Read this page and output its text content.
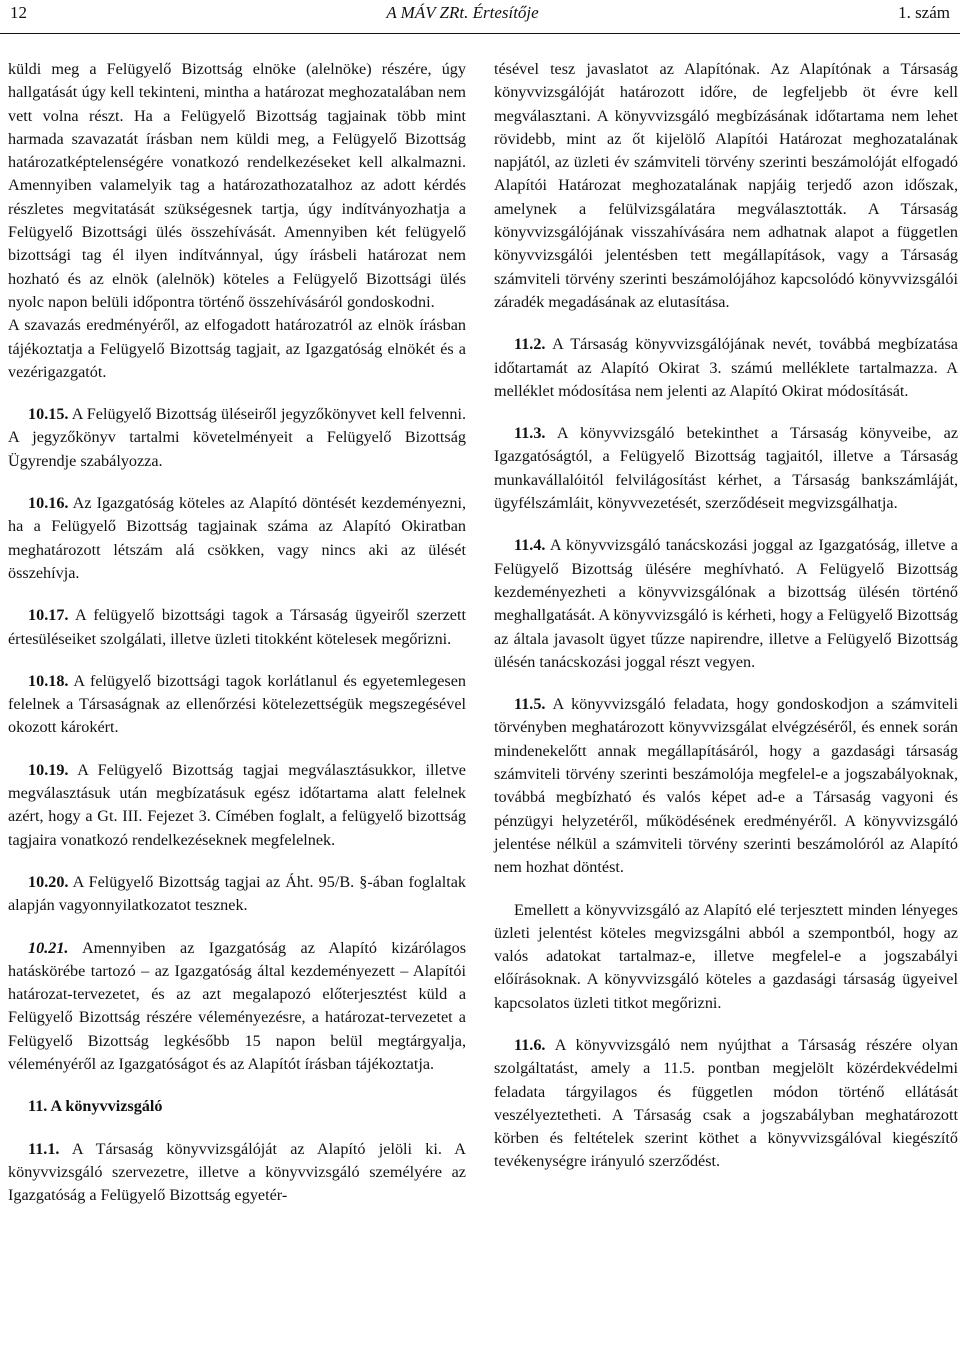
12	A MÁV ZRt. Értesítője	1. szám

küldi meg a Felügyelő Bizottság elnöke (alelnöke) részére, úgy hallgatását úgy kell tekinteni, mintha a határozat meghozatalában nem vett volna részt. Ha a Felügyelő Bizottság tagjainak több mint harmada szavazatát írásban nem küldi meg, a Felügyelő Bizottság határozatképtelenségére vonatkozó rendelkezéseket kell alkalmazni. Amennyiben valamelyik tag a határozathozatalhoz az adott kérdés részletes megvitatását szükségesnek tartja, úgy indítványozhatja a Felügyelő Bizottsági ülés összehívását. Amennyiben két felügyelő bizottsági tag él ilyen indítvánnyal, úgy írásbeli határozat nem hozható és az elnök (alelnök) köteles a Felügyelő Bizottsági ülés nyolc napon belüli időpontra történő összehívásáról gondoskodni.

A szavazás eredményéről, az elfogadott határozatról az elnök írásban tájékoztatja a Felügyelő Bizottság tagjait, az Igazgatóság elnökét és a vezérigazgatót.

10.15. A Felügyelő Bizottság üléseiről jegyzőkönyvet kell felvenni. A jegyzőkönyv tartalmi követelményeit a Felügyelő Bizottság Ügyrendje szabályozza.

10.16. Az Igazgatóság köteles az Alapító döntését kezdeményezni, ha a Felügyelő Bizottság tagjainak száma az Alapító Okiratban meghatározott létszám alá csökken, vagy nincs aki az ülését összehívja.

10.17. A felügyelő bizottsági tagok a Társaság ügyeiről szerzett értesüléseiket szolgálati, illetve üzleti titokként kötelesek megőrizni.

10.18. A felügyelő bizottsági tagok korlátlanul és egyetemlegesen felelnek a Társaságnak az ellenőrzési kötelezettségük megszegésével okozott károkért.

10.19. A Felügyelő Bizottság tagjai megválasztásukkor, illetve megválasztásuk után megbízatásuk egész időtartama alatt felelnek azért, hogy a Gt. III. Fejezet 3. Címében foglalt, a felügyelő bizottság tagjaira vonatkozó rendelkezéseknek megfelelnek.

10.20. A Felügyelő Bizottság tagjai az Áht. 95/B. §-ában foglaltak alapján vagyonnyilatkozatot tesznek.

10.21. Amennyiben az Igazgatóság az Alapító kizárólagos hatáskörébe tartozó – az Igazgatóság által kezdeményezett – Alapítói határozat-tervezetet, és az azt megalapozó előterjesztést küld a Felügyelő Bizottság részére véleményezésre, a határozat-tervezetet a Felügyelő Bizottság legkésőbb 15 napon belül megtárgyalja, véleményéről az Igazgatóságot és az Alapítót írásban tájékoztatja.

11. A könyvvizsgáló

11.1. A Társaság könyvvizsgálóját az Alapító jelöli ki. A könyvvizsgáló szervezetre, illetve a könyvvizsgáló személyére az Igazgatóság a Felügyelő Bizottság egyetér-

tésével tesz javaslatot az Alapítónak. Az Alapítónak a Társaság könyvvizsgálóját határozott időre, de legfeljebb öt évre kell megválasztani. A könyvvizsgáló megbízásának időtartama nem lehet rövidebb, mint az őt kijelölő Alapítói Határozat meghozatalának napjától, az üzleti év számviteli törvény szerinti beszámolóját elfogadó Alapítói Határozat meghozatalának napjáig terjedő azon időszak, amelynek a felülvizsgálatára megválasztották. A Társaság könyvvizsgálójának visszahívására nem adhatnak alapot a független könyvvizsgálói jelentésben tett megállapítások, vagy a Társaság számviteli törvény szerinti beszámolójához kapcsolódó könyvvizsgálói záradék megadásának az elutasítása.

11.2. A Társaság könyvvizsgálójának nevét, továbbá megbízatása időtartamát az Alapító Okirat 3. számú melléklete tartalmazza. A melléklet módosítása nem jelenti az Alapító Okirat módosítását.

11.3. A könyvvizsgáló betekinthet a Társaság könyveibe, az Igazgatóságtól, a Felügyelő Bizottság tagjaitól, illetve a Társaság munkavállalóitól felvilágosítást kérhet, a Társaság bankszámláját, ügyfélszámláit, könyvvezetését, szerződéseit megvizsgálhatja.

11.4. A könyvvizsgáló tanácskozási joggal az Igazgatóság, illetve a Felügyelő Bizottság ülésére meghívható. A Felügyelő Bizottság kezdeményezheti a könyvvizsgálónak a bizottság ülésén történő meghallgatását. A könyvvizsgáló is kérheti, hogy a Felügyelő Bizottság az általa javasolt ügyet tűzze napirendre, illetve a Felügyelő Bizottság ülésén tanácskozási joggal részt vegyen.

11.5. A könyvvizsgáló feladata, hogy gondoskodjon a számviteli törvényben meghatározott könyvvizsgálat elvégzéséről, és ennek során mindenekelőtt annak megállapításáról, hogy a gazdasági társaság számviteli törvény szerinti beszámolója megfelel-e a jogszabályoknak, továbbá megbízható és valós képet ad-e a Társaság vagyoni és pénzügyi helyzetéről, működésének eredményéről. A könyvvizsgáló jelentése nélkül a számviteli törvény szerinti beszámolóról az Alapító nem hozhat döntést.

Emellett a könyvvizsgáló az Alapító elé terjesztett minden lényeges üzleti jelentést köteles megvizsgálni abból a szempontból, hogy az valós adatokat tartalmaz-e, illetve megfelel-e a jogszabályi előírásoknak. A könyvvizsgáló köteles a gazdasági társaság ügyeivel kapcsolatos üzleti titkot megőrizni.

11.6. A könyvvizsgáló nem nyújthat a Társaság részére olyan szolgáltatást, amely a 11.5. pontban megjelölt közérdekvédelmi feladata tárgyilagos és független módon történő ellátását veszélyeztetheti. A Társaság csak a jogszabályban meghatározott körben és feltételek szerint köthet a könyvvizsgálóval kiegészítő tevékenységre irányuló szerződést.
